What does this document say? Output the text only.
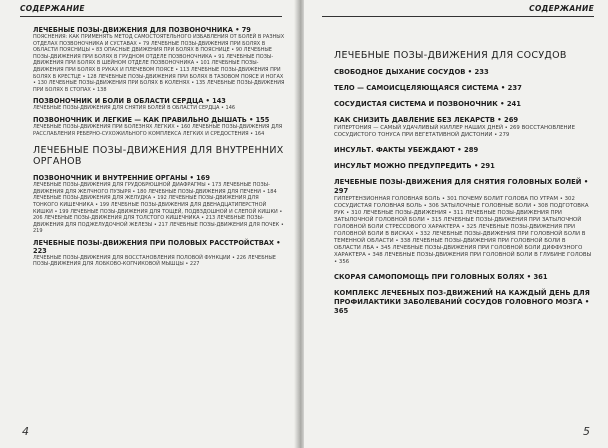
СОДЕРЖАНИЕ
ЛЕЧЕБНЫЕ ПОЗЫ-ДВИЖЕНИЯ ДЛЯ ПОЗВОНОЧНИКА • 79
ПОЯСНЕНИЯ: КАК ПРИМЕНЯТЬ МЕТОД САМОСТОЯТЕЛЬНОГО ИЗБАВЛЕНИЯ ОТ БОЛЕЙ В РАЗНЫХ ОТДЕЛАХ ПОЗВОНОЧНИКА И СУСТАВАХ • 79 ЛЕЧЕБНЫЕ ПОЗЫ-ДВИЖЕНИЯ ПРИ БОЛЯХ В ОБЛАСТИ ПОЯСНИЦЫ • 83 ОПАСНЫЕ ДВИЖЕНИЯ ПРИ БОЛЯХ В ПОЯСНИЦЕ • 90 ЛЕЧЕБНЫЕ ПОЗЫ-ДВИЖЕНИЯ ПРИ БОЛЯХ В ГРУДНОМ ОТДЕЛЕ ПОЗВОНОЧНИКА • 91 ЛЕЧЕБНЫЕ ПОЗЫ-ДВИЖЕНИЯ ПРИ БОЛЯХ В ШЕЙНОМ ОТДЕЛЕ ПОЗВОНОЧНИКА • 101 ЛЕЧЕБНЫЕ ПОЗЫ-ДВИЖЕНИЯ ПРИ БОЛЯХ В РУКАХ И ПЛЕЧЕВОМ ПОЯСЕ • 113 ЛЕЧЕБНЫЕ ПОЗЫ-ДВИЖЕНИЯ ПРИ БОЛЯХ В КРЕСТЦЕ • 128 ЛЕЧЕБНЫЕ ПОЗЫ-ДВИЖЕНИЯ ПРИ БОЛЯХ В ТАЗОВОМ ПОЯСЕ И НОГАХ • 130 ЛЕЧЕБНЫЕ ПОЗЫ-ДВИЖЕНИЯ ПРИ БОЛЯХ В КОЛЕНЯХ • 135 ЛЕЧЕБНЫЕ ПОЗЫ-ДВИЖЕНИЯ ПРИ БОЛЯХ В СТОПАХ • 138
ПОЗВОНОЧНИК И БОЛИ В ОБЛАСТИ СЕРДЦА • 143
ЛЕЧЕБНЫЕ ПОЗЫ-ДВИЖЕНИЯ ДЛЯ СНЯТИЯ БОЛЕЙ В ОБЛАСТИ СЕРДЦА • 146
ПОЗВОНОЧНИК И ЛЕГКИЕ — КАК ПРАВИЛЬНО ДЫШАТЬ • 155
ЛЕЧЕБНЫЕ ПОЗЫ-ДВИЖЕНИЯ ПРИ БОЛЕЗНЯХ ЛЕГКИХ • 160 ЛЕЧЕБНЫЕ ПОЗЫ-ДВИЖЕНИЯ ДЛЯ РАССЛАБЛЕНИЯ РЕБЕРНО-СУХОЖИЛЬНОГО КОМПЛЕКСА ЛЕГКИХ И СРЕДОСТЕНИЯ • 164
ЛЕЧЕБНЫЕ ПОЗЫ-ДВИЖЕНИЯ ДЛЯ ВНУТРЕННИХ ОРГАНОВ
ПОЗВОНОЧНИК И ВНУТРЕННИЕ ОРГАНЫ • 169
ЛЕЧЕБНЫЕ ПОЗЫ-ДВИЖЕНИЯ ДЛЯ ГРУДОБРЮШНОЙ ДИАФРАГМЫ • 173 ЛЕЧЕБНЫЕ ПОЗЫ-ДВИЖЕНИЯ ДЛЯ ЖЕЛЧНОГО ПУЗЫРЯ • 180 ЛЕЧЕБНЫЕ ПОЗЫ-ДВИЖЕНИЯ ДЛЯ ПЕЧЕНИ • 184 ЛЕЧЕБНЫЕ ПОЗЫ-ДВИЖЕНИЯ ДЛЯ ЖЕЛУДКА • 192 ЛЕЧЕБНЫЕ ПОЗЫ-ДВИЖЕНИЯ ДЛЯ ТОНКОГО КИШЕЧНИКА • 199 ЛЕЧЕБНЫЕ ПОЗЫ-ДВИЖЕНИЯ ДЛЯ ДВЕНАДЦАТИПЕРСТНОЙ КИШКИ • 199 ЛЕЧЕБНЫЕ ПОЗЫ-ДВИЖЕНИЯ ДЛЯ ТОЩЕЙ, ПОДВЗДОШНОЙ И СЛЕПОЙ КИШКИ • 206 ЛЕЧЕБНЫЕ ПОЗЫ-ДВИЖЕНИЯ ДЛЯ ТОЛСТОГО КИШЕЧНИКА • 213 ЛЕЧЕБНЫЕ ПОЗЫ-ДВИЖЕНИЯ ДЛЯ ПОДЖЕЛУДОЧНОЙ ЖЕЛЕЗЫ • 217 ЛЕЧЕБНЫЕ ПОЗЫ-ДВИЖЕНИЯ ДЛЯ ПОЧЕК • 219
ЛЕЧЕБНЫЕ ПОЗЫ-ДВИЖЕНИЯ ПРИ ПОЛОВЫХ РАССТРОЙСТВАХ • 223
ЛЕЧЕБНЫЕ ПОЗЫ-ДВИЖЕНИЯ ДЛЯ ВОССТАНОВЛЕНИЯ ПОЛОВОЙ ФУНКЦИИ • 226 ЛЕЧЕБНЫЕ ПОЗЫ-ДВИЖЕНИЯ ДЛЯ ЛОБКОВО-КОПЧИКОВОЙ МЫШЦЫ • 227
4
СОДЕРЖАНИЕ
ЛЕЧЕБНЫЕ ПОЗЫ-ДВИЖЕНИЯ ДЛЯ СОСУДОВ
СВОБОДНОЕ ДЫХАНИЕ СОСУДОВ • 233
ТЕЛО — САМОИСЦЕЛЯЮЩАЯСЯ СИСТЕМА • 237
СОСУДИСТАЯ СИСТЕМА И ПОЗВОНОЧНИК • 241
КАК СНИЗИТЬ ДАВЛЕНИЕ БЕЗ ЛЕКАРСТВ • 269
ГИПЕРТОНИЯ — САМЫЙ УДАЧЛИВЫЙ КИЛЛЕР НАШИХ ДНЕЙ • 269 ВОССТАНОВЛЕНИЕ СОСУДИСТОГО ТОНУСА ПРИ ВЕГЕТАТИВНОЙ ДИСТОНИИ • 279
ИНСУЛЬТ. ФАКТЫ УБЕЖДАЮТ • 289
ИНСУЛЬТ МОЖНО ПРЕДУПРЕДИТЬ • 291
ЛЕЧЕБНЫЕ ПОЗЫ-ДВИЖЕНИЯ ДЛЯ СНЯТИЯ ГОЛОВНЫХ БОЛЕЙ • 297
ГИПЕРТЕНЗИОННАЯ ГОЛОВНАЯ БОЛЬ • 301 ПОЧЕМУ БОЛИТ ГОЛОВА ПО УТРАМ • 302 СОСУДИСТАЯ ГОЛОВНАЯ БОЛЬ • 306 ЗАТЫЛОЧНЫЕ ГОЛОВНЫЕ БОЛИ • 308 ПОДГОТОВКА РУК • 310 ЛЕЧЕБНЫЕ ПОЗЫ-ДВИЖЕНИЯ • 311 ЛЕЧЕБНЫЕ ПОЗЫ-ДВИЖЕНИЯ ПРИ ЗАТЫЛОЧНОЙ ГОЛОВНОЙ БОЛИ • 315 ЛЕЧЕБНЫЕ ПОЗЫ-ДВИЖЕНИЯ ПРИ ЗАТЫЛОЧНОЙ ГОЛОВНОЙ БОЛИ СТРЕССОВОГО ХАРАКТЕРА • 325 ЛЕЧЕБНЫЕ ПОЗЫ-ДВИЖЕНИЯ ПРИ ГОЛОВНОЙ БОЛИ В ВИСКАХ • 332 ЛЕЧЕБНЫЕ ПОЗЫ-ДВИЖЕНИЯ ПРИ ГОЛОВНОЙ БОЛИ В ТЕМЕННОЙ ОБЛАСТИ • 338 ЛЕЧЕБНЫЕ ПОЗЫ-ДВИЖЕНИЯ ПРИ ГОЛОВНОЙ БОЛИ В ОБЛАСТИ ЛБА • 345 ЛЕЧЕБНЫЕ ПОЗЫ-ДВИЖЕНИЯ ПРИ ГОЛОВНОЙ БОЛИ ДИФФУЗНОГО ХАРАКТЕРА • 348 ЛЕЧЕБНЫЕ ПОЗЫ-ДВИЖЕНИЯ ПРИ ГОЛОВНОЙ БОЛИ В ГЛУБИНЕ ГОЛОВЫ • 356
СКОРАЯ САМОПОМОЩЬ ПРИ ГОЛОВНЫХ БОЛЯХ • 361
КОМПЛЕКС ЛЕЧЕБНЫХ ПОЗ-ДВИЖЕНИЙ НА КАЖДЫЙ ДЕНЬ ДЛЯ ПРОФИЛАКТИКИ ЗАБОЛЕВАНИЙ СОСУДОВ ГОЛОВНОГО МОЗГА • 365
5
